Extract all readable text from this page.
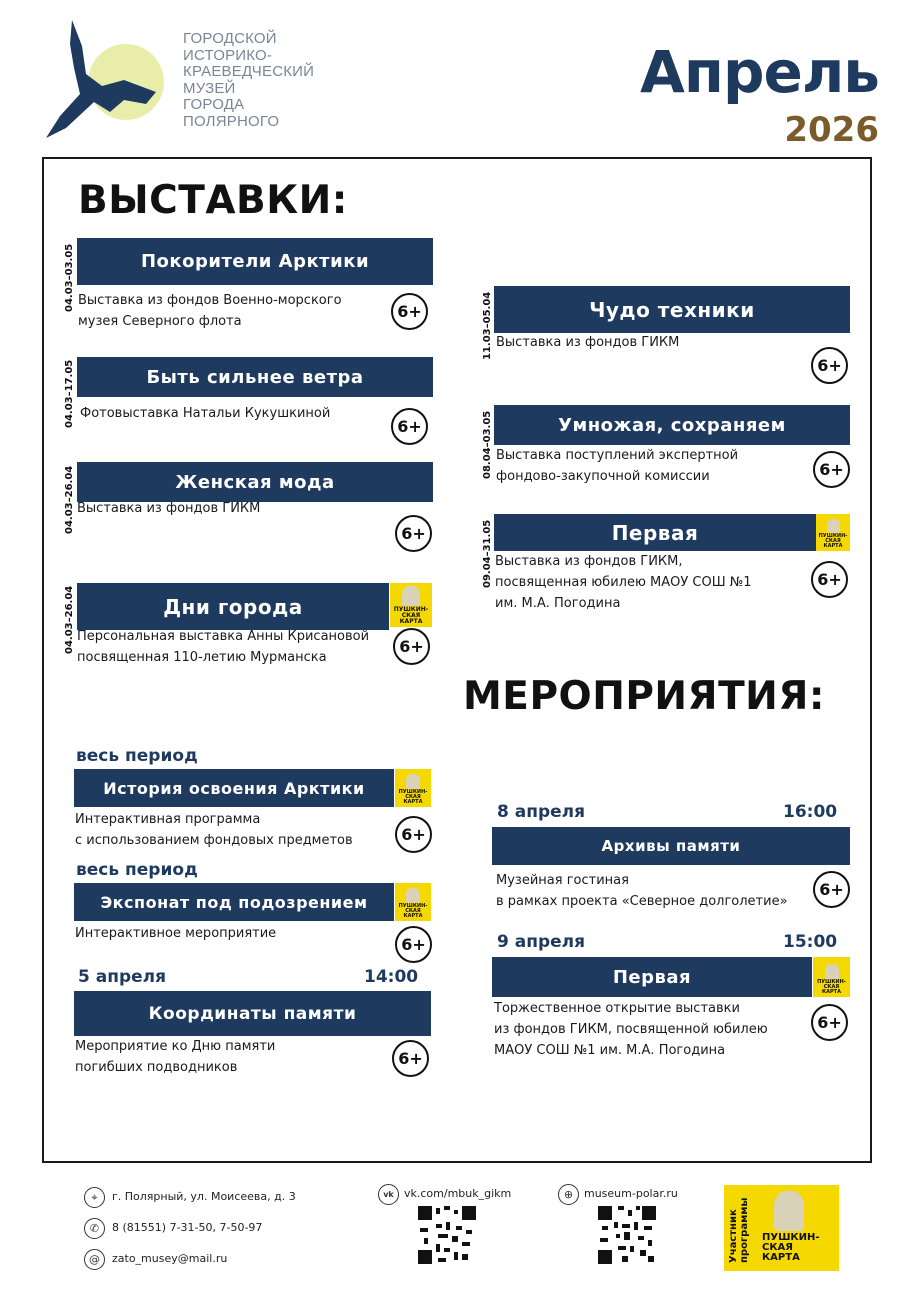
ГОРОДСКОЙ
ИСТОРИКО-
КРАЕВЕДЧЕСКИЙ
МУЗЕЙ
ГОРОДА
ПОЛЯРНОГО
Апрель
2026
ВЫСТАВКИ:
04.03–03.05	Покорители Арктики
Выставка из фондов Военно-морского
музея Северного флота
6+
04.03–17.05	Быть сильнее ветра
Фотовыставка Натальи Кукушкиной
6+
04.03–26.04	Женская мода
Выставка из фондов ГИКМ
6+
04.03–26.04	Дни города	ПУШКИН-
СКАЯ
КАРТА
Персональная выставка Анны Крисановой
посвященная 110-летию Мурманска
6+
11.03–05.04	Чудо техники
Выставка из фондов ГИКМ
6+
08.04–03.05	Умножая, сохраняем
Выставка поступлений экспертной
фондово-закупочной комиссии	6+
09.04–31.05	Первая	ПУШКИН-
СКАЯ
КАРТА
Выставка из фондов ГИКМ,
посвященная юбилею МАОУ СОШ №1
им. М.А. Погодина
6+
МЕРОПРИЯТИЯ:
весь период
История освоения Арктики	ПУШКИН-
СКАЯ
КАРТА
Интерактивная программа
с использованием фондовых предметов	6+
весь период
Экспонат под подозрением	ПУШКИН-
СКАЯ
КАРТА
Интерактивное мероприятие
6+
5 апреля	14:00
Координаты памяти
Мероприятие ко Дню памяти
погибших подводников	6+
8 апреля	16:00
Архивы памяти
Музейная гостиная
в рамках проекта «Северное долголетие»
6+
9 апреля	15:00
Первая	ПУШКИН-
СКАЯ
КАРТА
Торжественное открытие выставки
из фондов ГИКМ, посвященной юбилею
МАОУ СОШ №1 им. М.А. Погодина
6+
⌖	г. Полярный, ул. Моисеева, д. 3
✆	8 (81551) 7-31-50, 7-50-97
@	zato_musey@mail.ru
vk vk.com/mbuk_gikm	⊕ museum-polar.ru
Участник программы ПУШКИН-
СКАЯ
КАРТА
